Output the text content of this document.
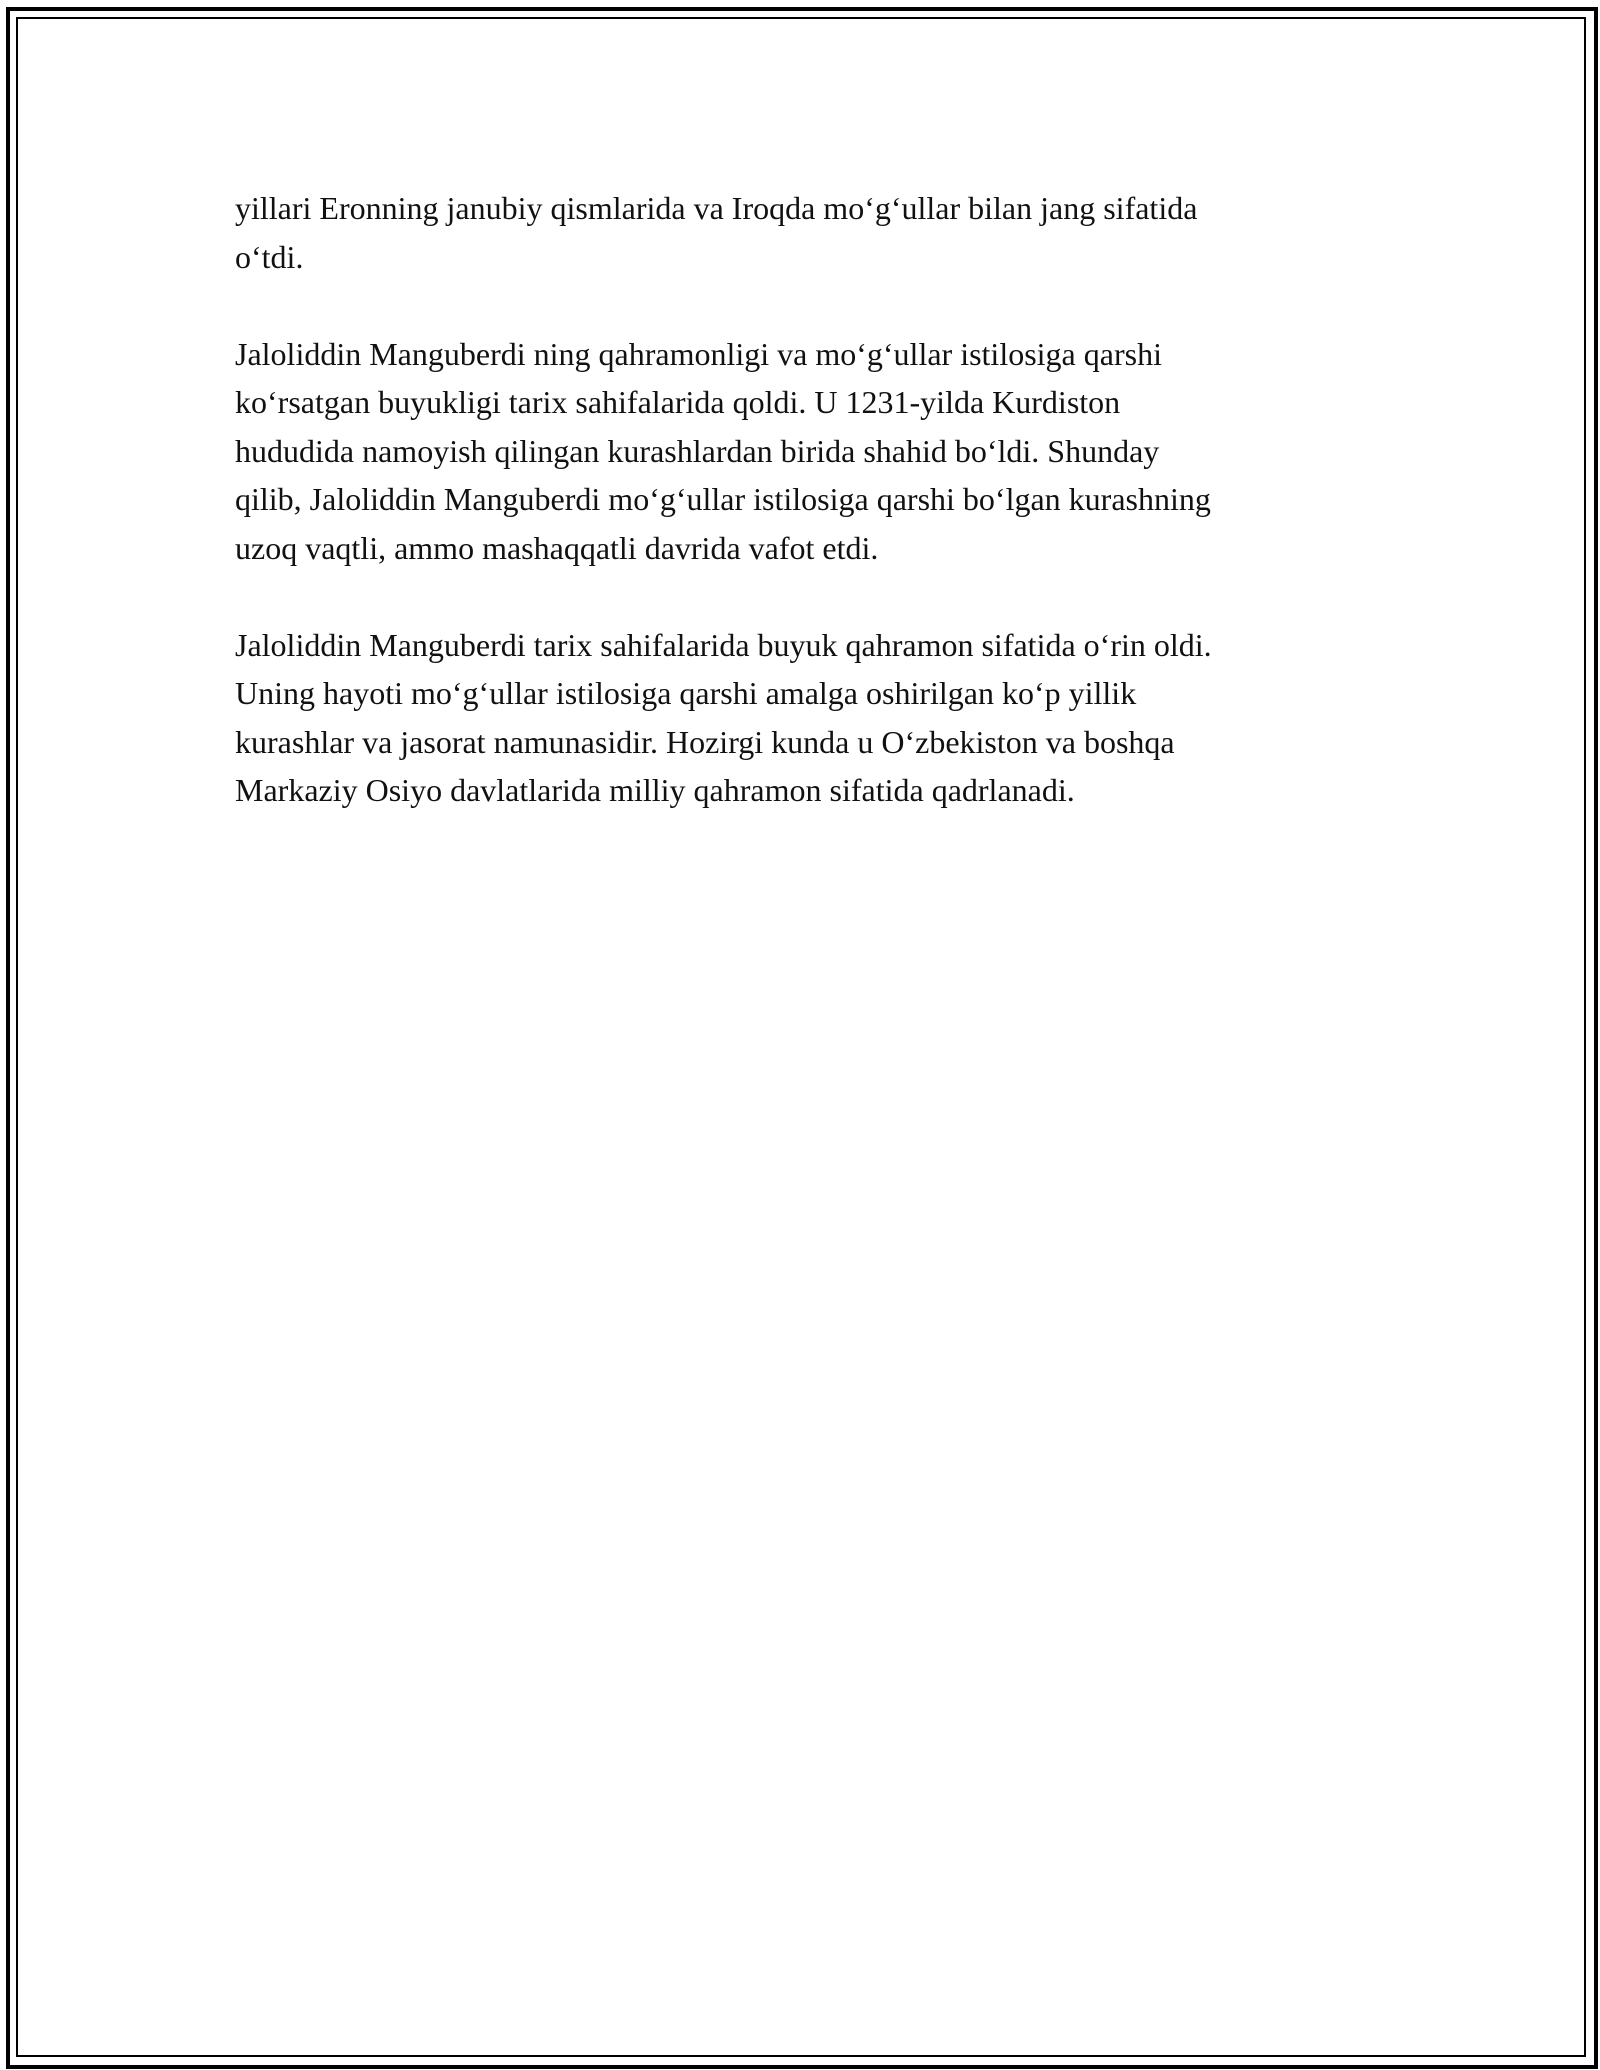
yillari Eronning janubiy qismlarida va Iroqda mo‘g‘ullar bilan jang sifatida
o‘tdi.

Jaloliddin Manguberdi ning qahramonligi va mo‘g‘ullar istilosiga qarshi
ko‘rsatgan buyukligi tarix sahifalarida qoldi. U 1231-yilda Kurdiston
hududida namoyish qilingan kurashlardan birida shahid bo‘ldi. Shunday
qilib, Jaloliddin Manguberdi mo‘g‘ullar istilosiga qarshi bo‘lgan kurashning
uzoq vaqtli, ammo mashaqqatli davrida vafot etdi.

Jaloliddin Manguberdi tarix sahifalarida buyuk qahramon sifatida o‘rin oldi.
Uning hayoti mo‘g‘ullar istilosiga qarshi amalga oshirilgan ko‘p yillik
kurashlar va jasorat namunasidir. Hozirgi kunda u O‘zbekiston va boshqa
Markaziy Osiyo davlatlarida milliy qahramon sifatida qadrlanadi.
